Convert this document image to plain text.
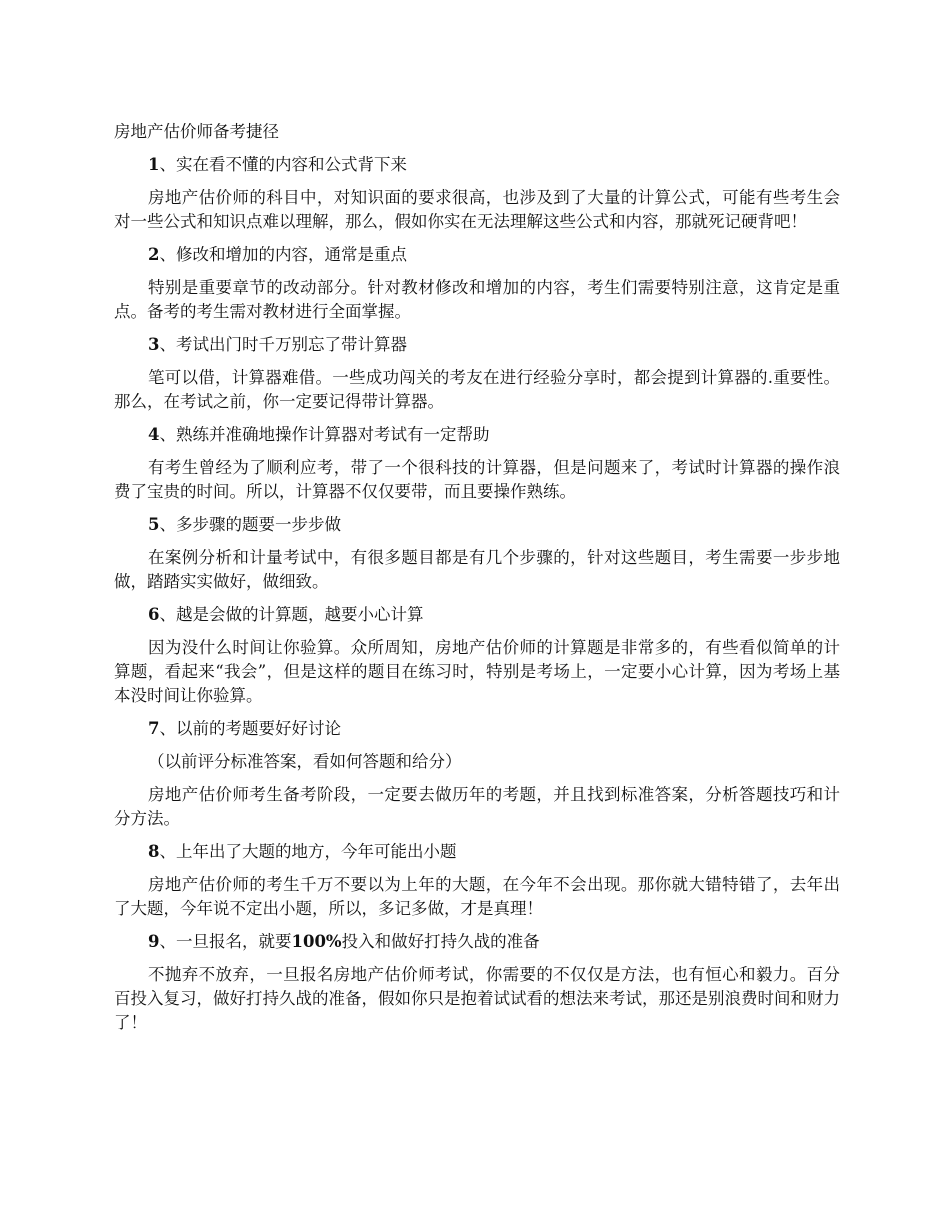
房地产估价师备考捷径

1、实在看不懂的内容和公式背下来

房地产估价师的科目中，对知识面的要求很高，也涉及到了大量的计算公式，可能有些考生会对一些公式和知识点难以理解，那么，假如你实在无法理解这些公式和内容，那就死记硬背吧！

2、修改和增加的内容，通常是重点

特别是重要章节的改动部分。针对教材修改和增加的内容，考生们需要特别注意，这肯定是重点。备考的考生需对教材进行全面掌握。

3、考试出门时千万别忘了带计算器

笔可以借，计算器难借。一些成功闯关的考友在进行经验分享时，都会提到计算器的.重要性。那么，在考试之前，你一定要记得带计算器。

4、熟练并准确地操作计算器对考试有一定帮助

有考生曾经为了顺利应考，带了一个很科技的计算器，但是问题来了，考试时计算器的操作浪费了宝贵的时间。所以，计算器不仅仅要带，而且要操作熟练。

5、多步骤的题要一步步做

在案例分析和计量考试中，有很多题目都是有几个步骤的，针对这些题目，考生需要一步步地做，踏踏实实做好，做细致。

6、越是会做的计算题，越要小心计算

因为没什么时间让你验算。众所周知，房地产估价师的计算题是非常多的，有些看似简单的计算题，看起来“我会”，但是这样的题目在练习时，特别是考场上，一定要小心计算，因为考场上基本没时间让你验算。

7、以前的考题要好好讨论

（以前评分标准答案，看如何答题和给分）

房地产估价师考生备考阶段，一定要去做历年的考题，并且找到标准答案，分析答题技巧和计分方法。

8、上年出了大题的地方，今年可能出小题

房地产估价师的考生千万不要以为上年的大题，在今年不会出现。那你就大错特错了，去年出了大题，今年说不定出小题，所以，多记多做，才是真理！

9、一旦报名，就要100%投入和做好打持久战的准备

不抛弃不放弃，一旦报名房地产估价师考试，你需要的不仅仅是方法，也有恒心和毅力。百分百投入复习，做好打持久战的准备，假如你只是抱着试试看的想法来考试，那还是别浪费时间和财力了！
